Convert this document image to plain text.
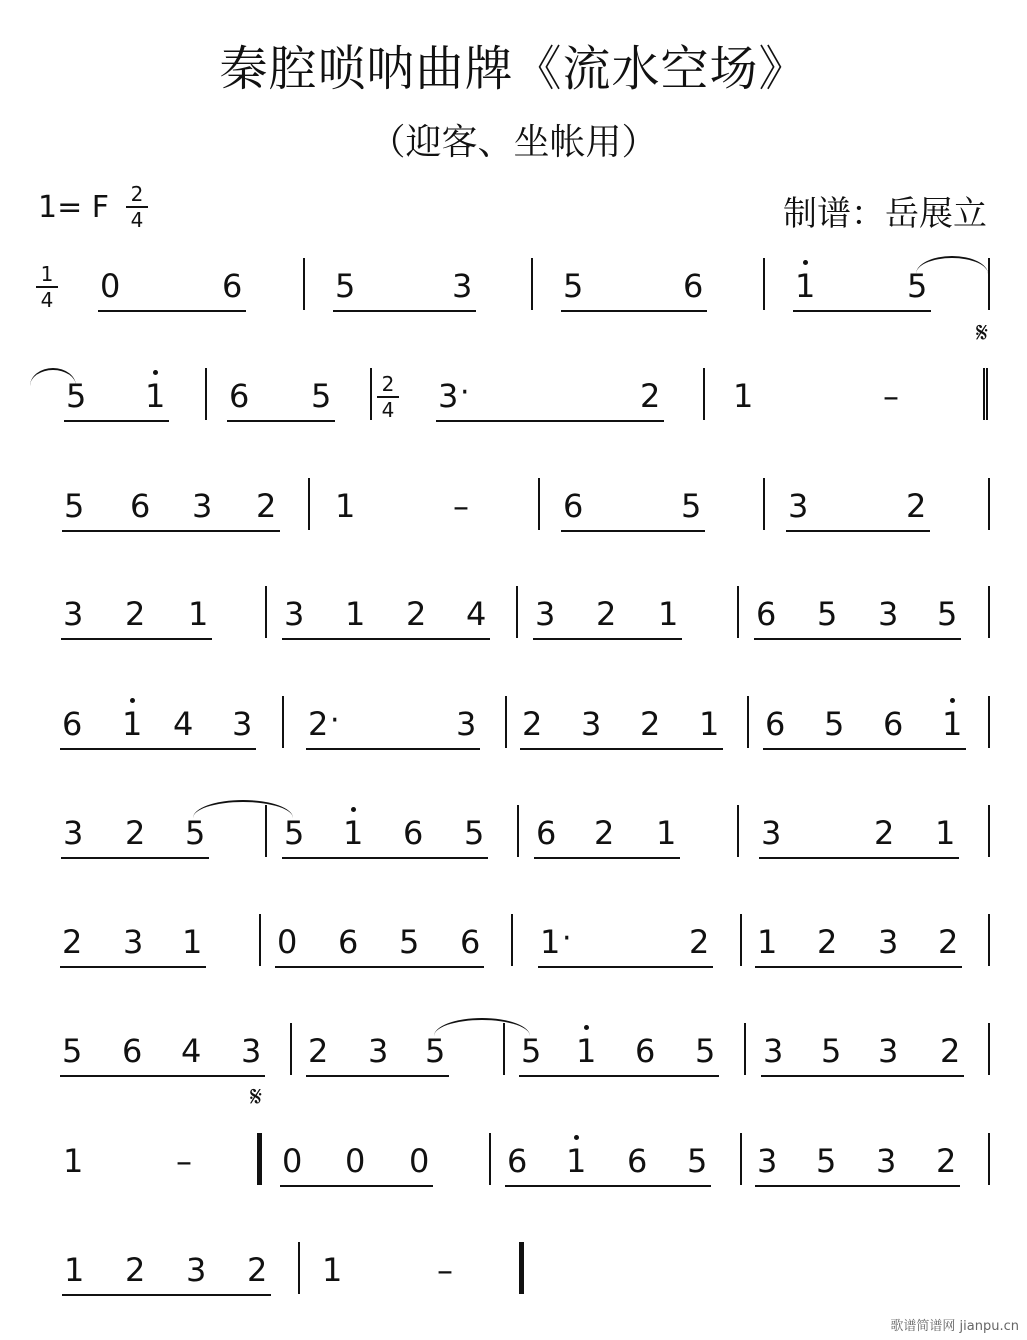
秦腔唢呐曲牌《流水空场》
（迎客、坐帐用）
1= F 2
4	制谱：岳展立
0	6	5	3	5	6	1	5
5 1 6 5	3 ·	2 1	–
5 6 3 2 1	–	6	5	3	2
3 2 1 3 1 2 4 3 2 1 6 5 3 5
6 1 4 3 2 ·	3 2 3 2 1 6 5 6 1
3 2 5 5 1 6 5 6 2 1	3	2 1
2 3 1 0 6 5 6 1 ·	2 1 2 3 2
5 6 4 3 2 3 5 5 1 6 5 3 5 3 2
1	–	0 0 0 6 1 6 5 3 5 3 2
1 2 3 2 1	–
1
4
2
4
𝄋
𝄋
歌谱简谱网 jianpu.cn
